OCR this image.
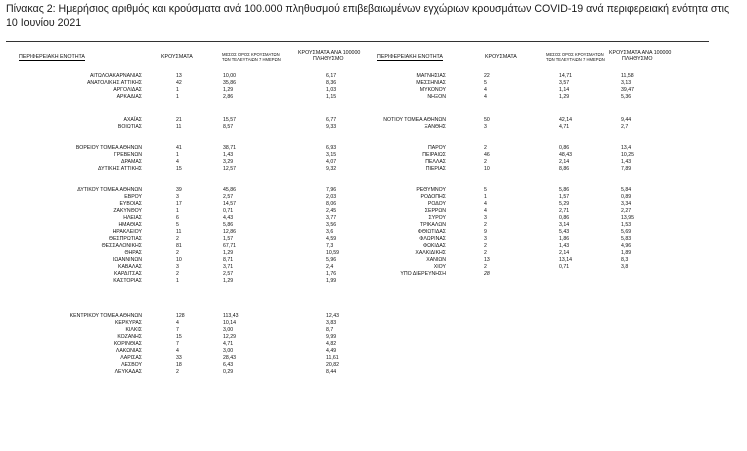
Πίνακας 2: Ημερήσιος αριθμός και κρούσματα ανά 100.000 πληθυσμού επιβεβαιωμένων εγχώριων κρουσμάτων COVID-19 ανά περιφερειακή ενότητα στις 10 Ιουνίου 2021
ΠΕΡΙΦΕΡΕΙΑΚΗ ΕΝΟΤΗΤΑ	ΚΡΟΥΣΜΑΤΑ	ΜΕΣΟΣ ΟΡΟΣ ΚΡΟΥΣΜΑΤΩΝ
ΤΩΝ ΤΕΛΕΥΤΑΙΩΝ 7 ΗΜΕΡΩΝ
ΚΡΟΥΣΜΑΤΑ ΑΝΑ 100000
ΠΛΗΘΥΣΜΟ
ΑΙΤΩΛΟΑΚΑΡΝΑΝΙΑΣ	13	10,00	6,17
ΑΝΑΤΟΛΙΚΗΣ ΑΤΤΙΚΗΣ	42	35,86	8,36
ΑΡΓΟΛΙΔΑΣ	1	1,29	1,03
ΑΡΚΑΔΙΑΣ	1	2,86	1,15
ΑΧΑΪΑΣ	21	15,57	6,77
ΒΟΙΩΤΙΑΣ	11	8,57	9,33
ΒΟΡΕΙΟΥ ΤΟΜΕΑ ΑΘΗΝΩΝ	41	38,71	6,93
ΓΡΕΒΕΝΩΝ	1	1,43	3,15
ΔΡΑΜΑΣ	4	3,29	4,07
ΔΥΤΙΚΗΣ ΑΤΤΙΚΗΣ	15	12,57	9,32
ΔΥΤΙΚΟΥ ΤΟΜΕΑ ΑΘΗΝΩΝ	39	45,86	7,96
ΕΒΡΟΥ	3	2,57	2,03
ΕΥΒΟΙΑΣ	17	14,57	8,06
ΖΑΚΥΝΘΟΥ	1	0,71	2,45
ΗΛΕΙΑΣ	6	4,43	3,77
ΗΜΑΘΙΑΣ	5	5,86	3,56
ΗΡΑΚΛΕΙΟΥ	11	12,86	3,6
ΘΕΣΠΡΩΤΙΑΣ	2	1,57	4,59
ΘΕΣΣΑΛΟΝΙΚΗΣ	81	67,71	7,3
ΘΗΡΑΣ	2	1,29	10,59
ΙΩΑΝΝΙΝΩΝ	10	8,71	5,96
ΚΑΒΑΛΑΣ	3	3,71	2,4
ΚΑΡΔΙΤΣΑΣ	2	2,57	1,76
ΚΑΣΤΟΡΙΑΣ	1	1,29	1,99
ΚΕΝΤΡΙΚΟΥ ΤΟΜΕΑ ΑΘΗΝΩΝ	128	113,43	12,43
ΚΕΡΚΥΡΑΣ	4	10,14	3,83
ΚΙΛΚΙΣ	7	3,00	8,7
ΚΟΖΑΝΗΣ	15	12,29	9,99
ΚΟΡΙΝΘΙΑΣ	7	4,71	4,82
ΛΑΚΩΝΙΑΣ	4	3,00	4,49
ΛΑΡΙΣΑΣ	33	28,43	11,61
ΛΕΣΒΟΥ	18	6,43	20,82
ΛΕΥΚΑΔΑΣ	2	0,29	8,44
ΠΕΡΙΦΕΡΕΙΑΚΗ ΕΝΟΤΗΤΑ	ΚΡΟΥΣΜΑΤΑ	ΜΕΣΟΣ ΟΡΟΣ ΚΡΟΥΣΜΑΤΩΝ
ΤΩΝ ΤΕΛΕΥΤΑΙΩΝ 7 ΗΜΕΡΩΝ
ΚΡΟΥΣΜΑΤΑ ΑΝΑ 100000
ΠΛΗΘΥΣΜΟ
ΜΑΓΝΗΣΙΑΣ	22	14,71	11,58
ΜΕΣΣΗΝΙΑΣ	5	3,57	3,13
ΜΥΚΟΝΟΥ	4	1,14	39,47
ΝΗΞΟΝ	4	1,29	5,36
ΝΟΤΙΟΥ ΤΟΜΕΑ ΑΘΗΝΩΝ	50	42,14	9,44
ΞΑΝΘΗΣ	3	4,71	2,7
ΠΑΡΟΥ	2	0,86	13,4
ΠΕΙΡΑΙΩΣ	46	48,43	10,25
ΠΕΛΛΑΣ	2	2,14	1,43
ΠΙΕΡΙΑΣ	10	8,86	7,89
ΡΕΘΥΜΝΟΥ	5	5,86	5,84
ΡΟΔΟΠΗΣ	1	1,57	0,89
ΡΟΔΟΥ	4	5,29	3,34
ΣΕΡΡΩΝ	4	2,71	2,27
ΣΥΡΟΥ	3	0,86	13,95
ΤΡΙΚΑΛΩΝ	2	3,14	1,53
ΦΘΙΩΤΙΔΑΣ	9	5,43	5,69
ΦΛΩΡΙΝΑΣ	3	1,86	5,83
ΦΩΚΙΔΑΣ	2	1,43	4,96
ΧΑΛΚΙΔΙΚΗΣ	2	2,14	1,89
ΧΑΝΙΩΝ	13	13,14	8,3
ΧΙΟΥ	2	0,71	3,8
ΥΠΟ ΔΙΕΡΕΥΝΗΣΗ	28
